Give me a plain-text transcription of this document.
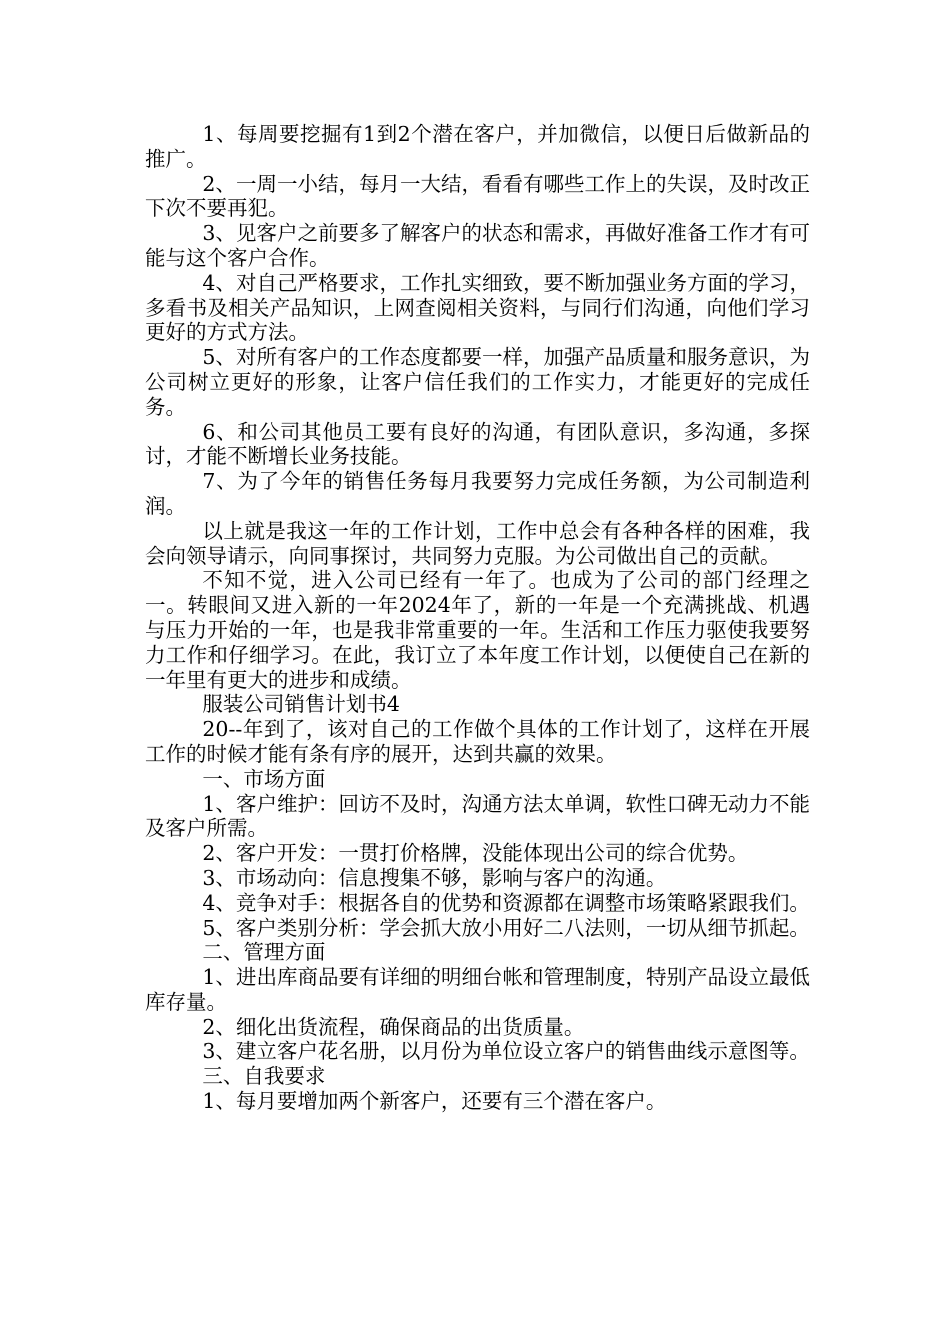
1、每周要挖掘有1到2个潜在客户，并加微信，以便日后做新品的推广。

2、一周一小结，每月一大结，看看有哪些工作上的失误，及时改正下次不要再犯。

3、见客户之前要多了解客户的状态和需求，再做好准备工作才有可能与这个客户合作。

4、对自己严格要求，工作扎实细致，要不断加强业务方面的学习，多看书及相关产品知识，上网查阅相关资料，与同行们沟通，向他们学习更好的方式方法。

5、对所有客户的工作态度都要一样，加强产品质量和服务意识，为公司树立更好的形象，让客户信任我们的工作实力，才能更好的完成任务。

6、和公司其他员工要有良好的沟通，有团队意识，多沟通，多探讨，才能不断增长业务技能。

7、为了今年的销售任务每月我要努力完成任务额，为公司制造利润。

以上就是我这一年的工作计划，工作中总会有各种各样的困难，我会向领导请示，向同事探讨，共同努力克服。为公司做出自己的贡献。

不知不觉，进入公司已经有一年了。也成为了公司的部门经理之一。转眼间又进入新的一年2024年了，新的一年是一个充满挑战、机遇与压力开始的一年，也是我非常重要的一年。生活和工作压力驱使我要努力工作和仔细学习。在此，我订立了本年度工作计划，以便使自己在新的一年里有更大的进步和成绩。

服装公司销售计划书4

20--年到了，该对自己的工作做个具体的工作计划了，这样在开展工作的时候才能有条有序的展开，达到共赢的效果。

一、市场方面

1、客户维护：回访不及时，沟通方法太单调，软性口碑无动力不能及客户所需。

2、客户开发：一贯打价格牌，没能体现出公司的综合优势。

3、市场动向：信息搜集不够，影响与客户的沟通。

4、竞争对手：根据各自的优势和资源都在调整市场策略紧跟我们。

5、客户类别分析：学会抓大放小用好二八法则，一切从细节抓起。

二、管理方面

1、进出库商品要有详细的明细台帐和管理制度，特别产品设立最低库存量。

2、细化出货流程，确保商品的出货质量。

3、建立客户花名册，以月份为单位设立客户的销售曲线示意图等。

三、自我要求

1、每月要增加两个新客户，还要有三个潜在客户。
